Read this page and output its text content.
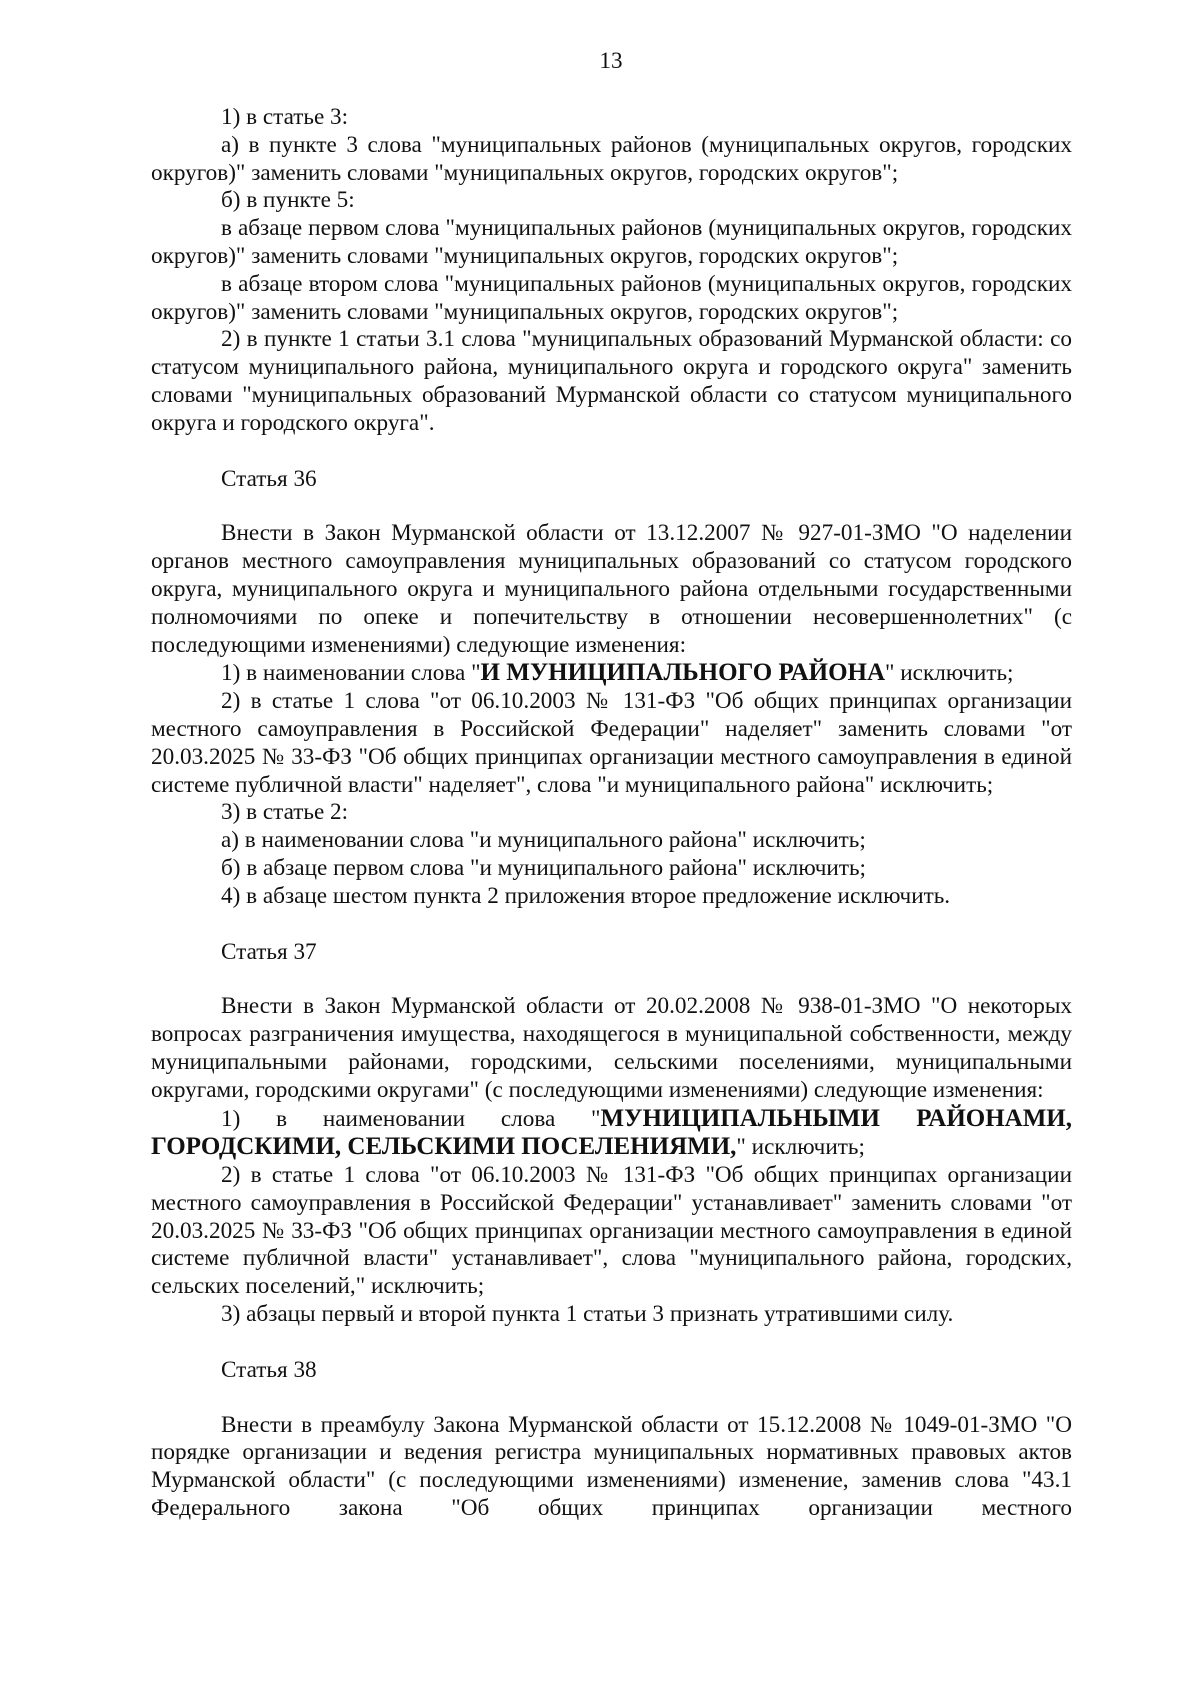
13

1) в статье 3:

а) в пункте 3 слова "муниципальных районов (муниципальных округов, городских округов)" заменить словами "муниципальных округов, городских округов";

б) в пункте 5:

в абзаце первом слова "муниципальных районов (муниципальных округов, городских округов)" заменить словами "муниципальных округов, городских округов";

в абзаце втором слова "муниципальных районов (муниципальных округов, городских округов)" заменить словами "муниципальных округов, городских округов";

2) в пункте 1 статьи 3.1 слова "муниципальных образований Мурманской области: со статусом муниципального района, муниципального округа и городского округа" заменить словами "муниципальных образований Мурманской области со статусом муниципального округа и городского округа".

Статья 36

Внести в Закон Мурманской области от 13.12.2007 № 927-01-ЗМО "О наделении органов местного самоуправления муниципальных образований со статусом городского округа, муниципального округа и муниципального района отдельными государственными полномочиями по опеке и попечительству в отношении несовершеннолетних" (с последующими изменениями) следующие изменения:

1) в наименовании слова "И МУНИЦИПАЛЬНОГО РАЙОНА" исключить;

2) в статье 1 слова "от 06.10.2003 № 131-ФЗ "Об общих принципах организации местного самоуправления в Российской Федерации" наделяет" заменить словами "от 20.03.2025 № 33-ФЗ "Об общих принципах организации местного самоуправления в единой системе публичной власти" наделяет", слова "и муниципального района" исключить;

3) в статье 2:

а) в наименовании слова "и муниципального района" исключить;

б) в абзаце первом слова "и муниципального района" исключить;

4) в абзаце шестом пункта 2 приложения второе предложение исключить.

Статья 37

Внести в Закон Мурманской области от 20.02.2008 № 938-01-ЗМО "О некоторых вопросах разграничения имущества, находящегося в муниципальной собственности, между муниципальными районами, городскими, сельскими поселениями, муниципальными округами, городскими округами" (с последующими изменениями) следующие изменения:

1) в наименовании слова "МУНИЦИПАЛЬНЫМИ РАЙОНАМИ, ГОРОДСКИМИ, СЕЛЬСКИМИ ПОСЕЛЕНИЯМИ," исключить;

2) в статье 1 слова "от 06.10.2003 № 131-ФЗ "Об общих принципах организации местного самоуправления в Российской Федерации" устанавливает" заменить словами "от 20.03.2025 № 33-ФЗ "Об общих принципах организации местного самоуправления в единой системе публичной власти" устанавливает", слова "муниципального района, городских, сельских поселений," исключить;

3) абзацы первый и второй пункта 1 статьи 3 признать утратившими силу.

Статья 38

Внести в преамбулу Закона Мурманской области от 15.12.2008 № 1049-01-ЗМО "О порядке организации и ведения регистра муниципальных нормативных правовых актов Мурманской области" (с последующими изменениями) изменение, заменив слова "43.1 Федерального закона "Об общих принципах организации местного
